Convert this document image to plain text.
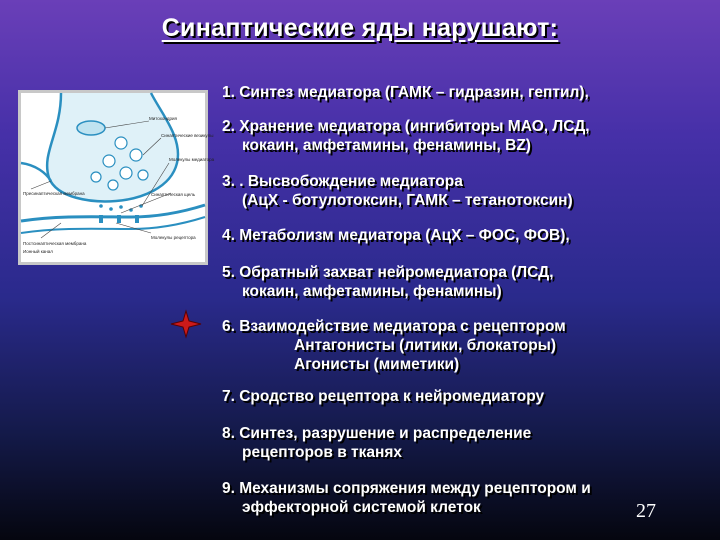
Синаптические яды нарушают:
Митохондрия
Синаптические везикулы
Молекулы медиатора
Пресинаптическая мембрана	Синаптическая щель
Молекулы рецептора
Постсинаптическая мембрана
Ионный канал
1. Синтез медиатора (ГАМК – гидразин, гептил),
2. Хранение медиатора (ингибиторы МАО, ЛСД,
кокаин, амфетамины, фенамины, BZ)
3. . Высвобождение медиатора
(АцХ - ботулотоксин, ГАМК – тетанотоксин)
4. Метаболизм медиатора (АцХ – ФОС, ФОВ),
5. Обратный захват нейромедиатора (ЛСД,
кокаин, амфетамины, фенамины)
6. Взаимодействие медиатора с рецептором
Антагонисты (литики, блокаторы)
Агонисты (миметики)
7. Сродство рецептора к нейромедиатору
8. Синтез, разрушение и распределение
рецепторов в тканях
9. Механизмы сопряжения между рецептором и
эффекторной системой клеток	27
